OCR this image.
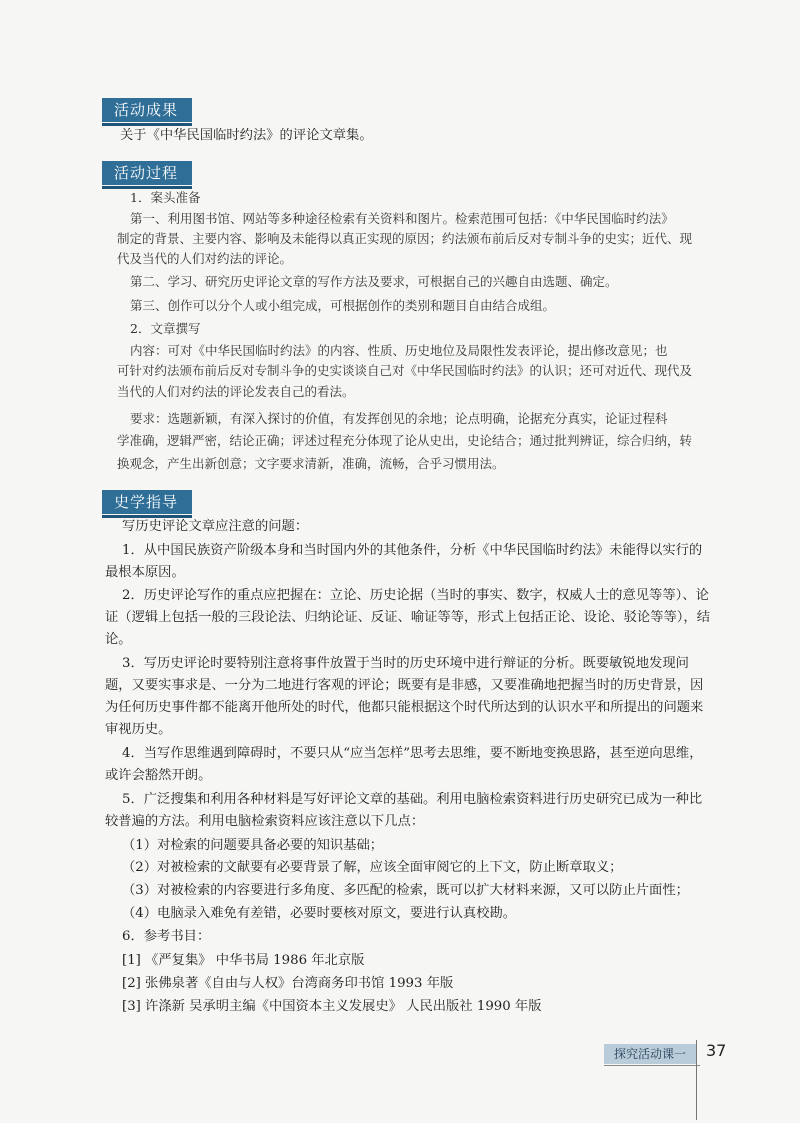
活动成果
关于《中华民国临时约法》的评论文章集。
活动过程
1．案头准备
第一、利用图书馆、网站等多种途径检索有关资料和图片。检索范围可包括：《中华民国临时约法》
制定的背景、主要内容、影响及未能得以真正实现的原因；约法颁布前后反对专制斗争的史实；近代、现
代及当代的人们对约法的评论。
第二、学习、研究历史评论文章的写作方法及要求，可根据自己的兴趣自由选题、确定。
第三、创作可以分个人或小组完成，可根据创作的类别和题目自由结合成组。
2．文章撰写
内容：可对《中华民国临时约法》的内容、性质、历史地位及局限性发表评论，提出修改意见；也
可针对约法颁布前后反对专制斗争的史实谈谈自己对《中华民国临时约法》的认识；还可对近代、现代及
当代的人们对约法的评论发表自己的看法。
要求：选题新颖，有深入探讨的价值，有发挥创见的余地；论点明确，论据充分真实，论证过程科
学准确，逻辑严密，结论正确；评述过程充分体现了论从史出，史论结合；通过批判辨证，综合归纳，转
换观念，产生出新创意；文字要求清新，准确，流畅，合乎习惯用法。
史学指导
写历史评论文章应注意的问题：
1．从中国民族资产阶级本身和当时国内外的其他条件，分析《中华民国临时约法》未能得以实行的
最根本原因。
2．历史评论写作的重点应把握在：立论、历史论据（当时的事实、数字，权威人士的意见等等）、论
证（逻辑上包括一般的三段论法、归纳论证、反证、喻证等等，形式上包括正论、设论、驳论等等），结
论。
3．写历史评论时要特别注意将事件放置于当时的历史环境中进行辩证的分析。既要敏锐地发现问
题，又要实事求是、一分为二地进行客观的评论；既要有是非感，又要准确地把握当时的历史背景，因
为任何历史事件都不能离开他所处的时代，他都只能根据这个时代所达到的认识水平和所提出的问题来
审视历史。
4．当写作思维遇到障碍时，不要只从“应当怎样”思考去思维，要不断地变换思路，甚至逆向思维，
或许会豁然开朗。
5．广泛搜集和利用各种材料是写好评论文章的基础。利用电脑检索资料进行历史研究已成为一种比
较普遍的方法。利用电脑检索资料应该注意以下几点：
（1）对检索的问题要具备必要的知识基础；
（2）对被检索的文献要有必要背景了解，应该全面审阅它的上下文，防止断章取义；
（3）对被检索的内容要进行多角度、多匹配的检索，既可以扩大材料来源，又可以防止片面性；
（4）电脑录入难免有差错，必要时要核对原文，要进行认真校勘。
6．参考书目：
[1] 《严复集》 中华书局 1986 年北京版
[2] 张佛泉著《自由与人权》台湾商务印书馆 1993 年版
[3] 许涤新 吴承明主编《中国资本主义发展史》 人民出版社 1990 年版
探究活动课一	37
